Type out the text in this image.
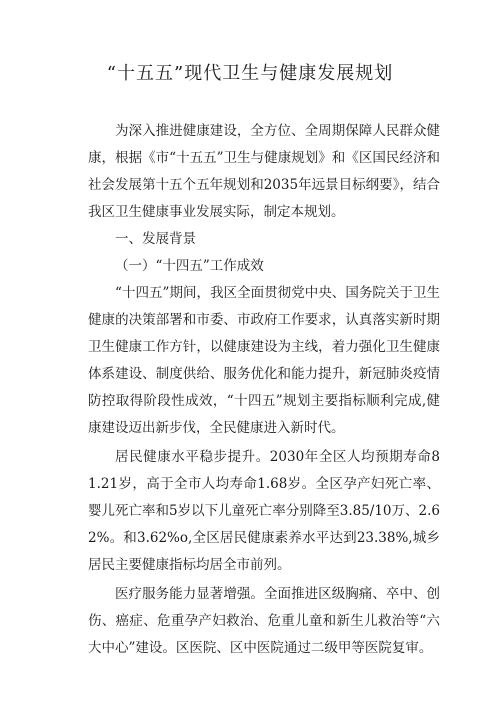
“十五五”现代卫生与健康发展规划

为深入推进健康建设，全方位、全周期保障人民群众健康，根据《市“十五五”卫生与健康规划》和《区国民经济和社会发展第十五个五年规划和2035年远景目标纲要》，结合我区卫生健康事业发展实际，制定本规划。

一、发展背景

（一）“十四五”工作成效

“十四五”期间，我区全面贯彻党中央、国务院关于卫生健康的决策部署和市委、市政府工作要求，认真落实新时期卫生健康工作方针，以健康建设为主线，着力强化卫生健康体系建设、制度供给、服务优化和能力提升，新冠肺炎疫情防控取得阶段性成效，“十四五”规划主要指标顺利完成,健康建设迈出新步伐，全民健康进入新时代。

居民健康水平稳步提升。2030年全区人均预期寿命81.21岁，高于全市人均寿命1.68岁。全区孕产妇死亡率、婴儿死亡率和5岁以下儿童死亡率分别降至3.85/10万、2.62%。和3.62%o,全区居民健康素养水平达到23.38%,城乡居民主要健康指标均居全市前列。

医疗服务能力显著增强。全面推进区级胸痛、卒中、创伤、癌症、危重孕产妇救治、危重儿童和新生儿救治等“六大中心”建设。区医院、区中医院通过二级甲等医院复审。
